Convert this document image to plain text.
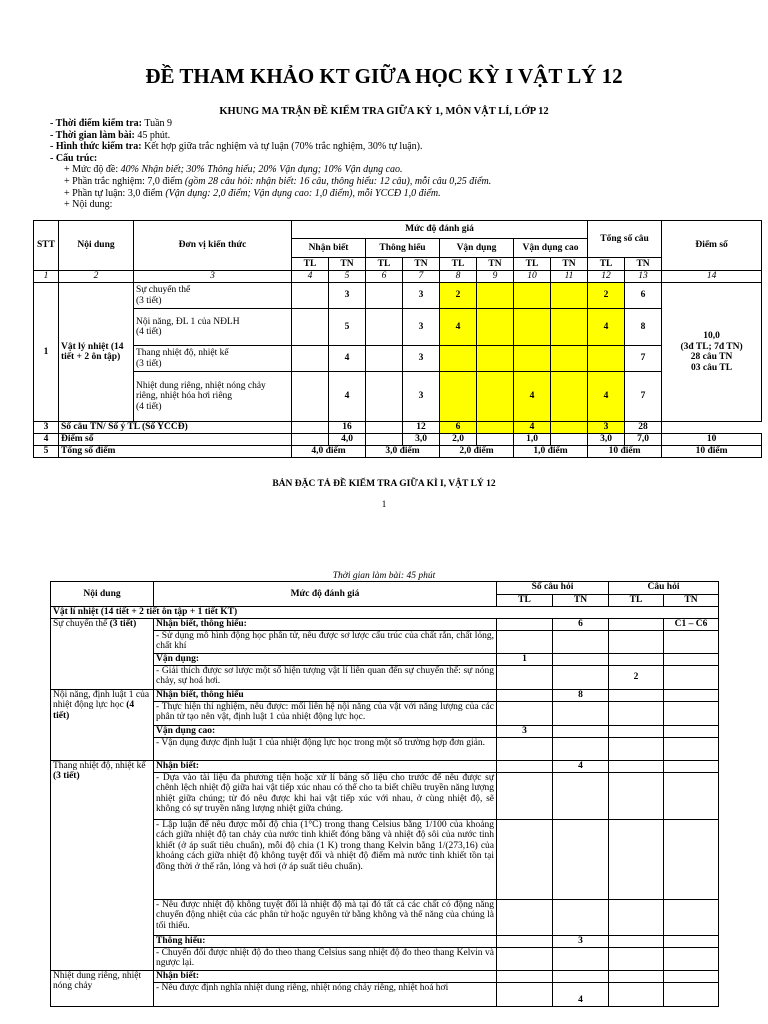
ĐỀ THAM KHẢO KT GIỮA HỌC KỲ I VẬT LÝ 12
KHUNG MA TRẬN ĐỀ KIỂM TRA GIỮA KỲ 1, MÔN VẬT LÍ, LỚP 12
- Thời điểm kiểm tra: Tuần 9
- Thời gian làm bài: 45 phút.
- Hình thức kiểm tra: Kết hợp giữa trắc nghiệm và tự luận (70% trắc nghiệm, 30% tự luận).
- Cấu trúc:
+ Mức độ đề: 40% Nhận biết; 30% Thông hiểu; 20% Vận dụng; 10% Vận dụng cao.
+ Phần trắc nghiệm: 7,0 điểm (gồm 28 câu hỏi: nhận biết: 16 câu, thông hiểu: 12 câu), mỗi câu 0,25 điểm.
+ Phần tự luận: 3,0 điểm (Vận dụng: 2,0 điểm; Vận dụng cao: 1,0 điểm), mỗi YCCĐ 1,0 điểm.
+ Nội dung:
STT	Nội dung	Đơn vị kiến thức	Mức độ đánh giá								Tổng số câu		Điểm số
			Nhận biết		Thông hiểu		Vận dụng		Vận dụng cao				
			TL	TN	TL	TN	TL	TN	TL	TN	TL	TN	
1	2	3	4	5	6	7	8	9	10	11	12	13	14
1	Vật lý nhiệt (14 tiết + 2 ôn tập)	Sự chuyển thể
(3 tiết)		3		3	2				2	6	10,0
(3đ TL; 7đ TN)
28 câu TN
03 câu TL
		Nội năng, ĐL 1 của NĐLH
(4 tiết)		5		3	4				4	8	
		Thang nhiệt độ, nhiệt kế
(3 tiết)		4		3						7	
		Nhiệt dung riêng, nhiệt nóng chảy riêng, nhiệt hóa hơi riêng
(4 tiết)		4		3			4		4	7	
3	Số câu TN/ Số ý TL (Số YCCĐ)			16		12	6		4		3	28	
4	Điểm số			4,0		3,0	2,0		1,0		3,0	7,0	10
5	Tổng số điểm		4,0 điểm		3,0 điểm		2,0 điểm		1,0 điểm		10 điểm		10 điểm
BẢN ĐẶC TẢ ĐỀ KIỂM TRA GIỮA KÌ I, VẬT LÝ 12
1
Thời gian làm bài: 45 phút
Nội dung	Mức độ đánh giá	Số câu hỏi		Câu hỏi	
		TL	TN	TL	TN
Vật lí nhiệt (14 tiết + 2 tiết ôn tập + 1 tiết KT)					
Sự chuyển thể (3 tiết)	Nhận biết, thông hiểu:		6		C1 – C6
	- Sử dụng mô hình động học phân tử, nêu được sơ lược cấu trúc của chất rắn, chất lỏng, chất khí				
	Vận dụng:	1			
	- Giải thích được sơ lược một số hiện tượng vật lí liên quan đến sự chuyển thể: sự nóng chảy, sự hoá hơi.			2	
Nội năng, định luật 1 của nhiệt động lực học (4 tiết)	Nhận biết, thông hiểu		8		
	- Thực hiện thí nghiệm, nêu được: mối liên hệ nội năng của vật với năng lượng của các phân tử tạo nên vật, định luật 1 của nhiệt động lực học.				
	Vận dụng cao:	3			
	- Vận dụng được định luật 1 của nhiệt động lực học trong một số trường hợp đơn giản.				
Thang nhiệt độ, nhiệt kế (3 tiết)	Nhận biết:		4		
	- Dựa vào tài liệu đa phương tiện hoặc xử lí bảng số liệu cho trước để nêu được sự chênh lệch nhiệt độ giữa hai vật tiếp xúc nhau có thể cho ta biết chiều truyền năng lượng nhiệt giữa chúng; từ đó nêu được khi hai vật tiếp xúc với nhau, ở cùng nhiệt độ, sẽ không có sự truyền năng lượng nhiệt giữa chúng.				
	- Lập luận để nêu được mỗi độ chia (1°C) trong thang Celsius bằng 1/100 của khoảng cách giữa nhiệt độ tan chảy của nước tinh khiết đóng băng và nhiệt độ sôi của nước tinh khiết (ở áp suất tiêu chuẩn), mỗi độ chia (1 K) trong thang Kelvin bằng 1/(273,16) của khoảng cách giữa nhiệt độ không tuyệt đối và nhiệt độ điểm mà nước tinh khiết tồn tại đồng thời ở thể rắn, lỏng và hơi (ở áp suất tiêu chuẩn).				
	- Nêu được nhiệt độ không tuyệt đối là nhiệt độ mà tại đó tất cả các chất có động năng chuyển động nhiệt của các phân tử hoặc nguyên tử bằng không và thế năng của chúng là tối thiểu.				
	Thông hiểu:		3		
	- Chuyển đổi được nhiệt độ đo theo thang Celsius sang nhiệt độ đo theo thang Kelvin và ngược lại.				
Nhiệt dung riêng, nhiệt nóng chảy	Nhận biết:				
	- Nêu được định nghĩa nhiệt dung riêng, nhiệt nóng chảy riêng, nhiệt hoá hơi		4		
